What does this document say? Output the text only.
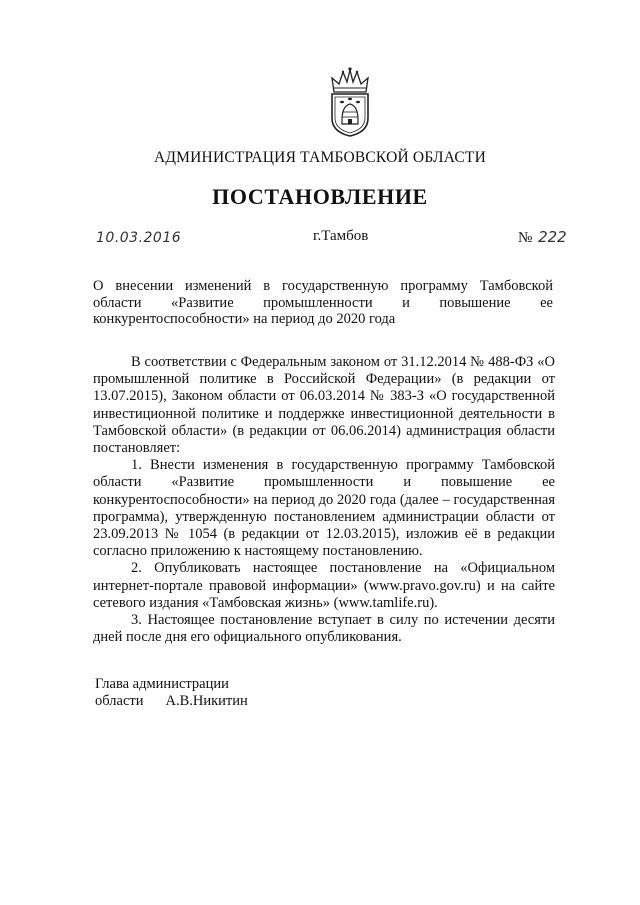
АДМИНИСТРАЦИЯ ТАМБОВСКОЙ ОБЛАСТИ
ПОСТАНОВЛЕНИЕ
10.03.2016	г.Тамбов	№ 222
О внесении изменений в государственную программу Тамбовской области «Развитие промышленности и повышение ее конкурентоспособности» на период до 2020 года

В соответствии с Федеральным законом от 31.12.2014 № 488-ФЗ «О промышленной политике в Российской Федерации» (в редакции от 13.07.2015), Законом области от 06.03.2014 № 383-З «О государственной инвестиционной политике и поддержке инвестиционной деятельности в Тамбовской области» (в редакции от 06.06.2014) администрация области постановляет:

1. Внести изменения в государственную программу Тамбовской области «Развитие промышленности и повышение ее конкурентоспособности» на период до 2020 года (далее – государственная программа), утвержденную постановлением администрации области от 23.09.2013 № 1054 (в редакции от 12.03.2015), изложив её в редакции согласно приложению к настоящему постановлению.

2. Опубликовать настоящее постановление на «Официальном интернет-портале правовой информации» (www.pravo.gov.ru) и на сайте сетевого издания «Тамбовская жизнь» (www.tamlife.ru).

3. Настоящее постановление вступает в силу по истечении десяти дней после дня его официального опубликования.

Глава администрации
области А.В.Никитин
